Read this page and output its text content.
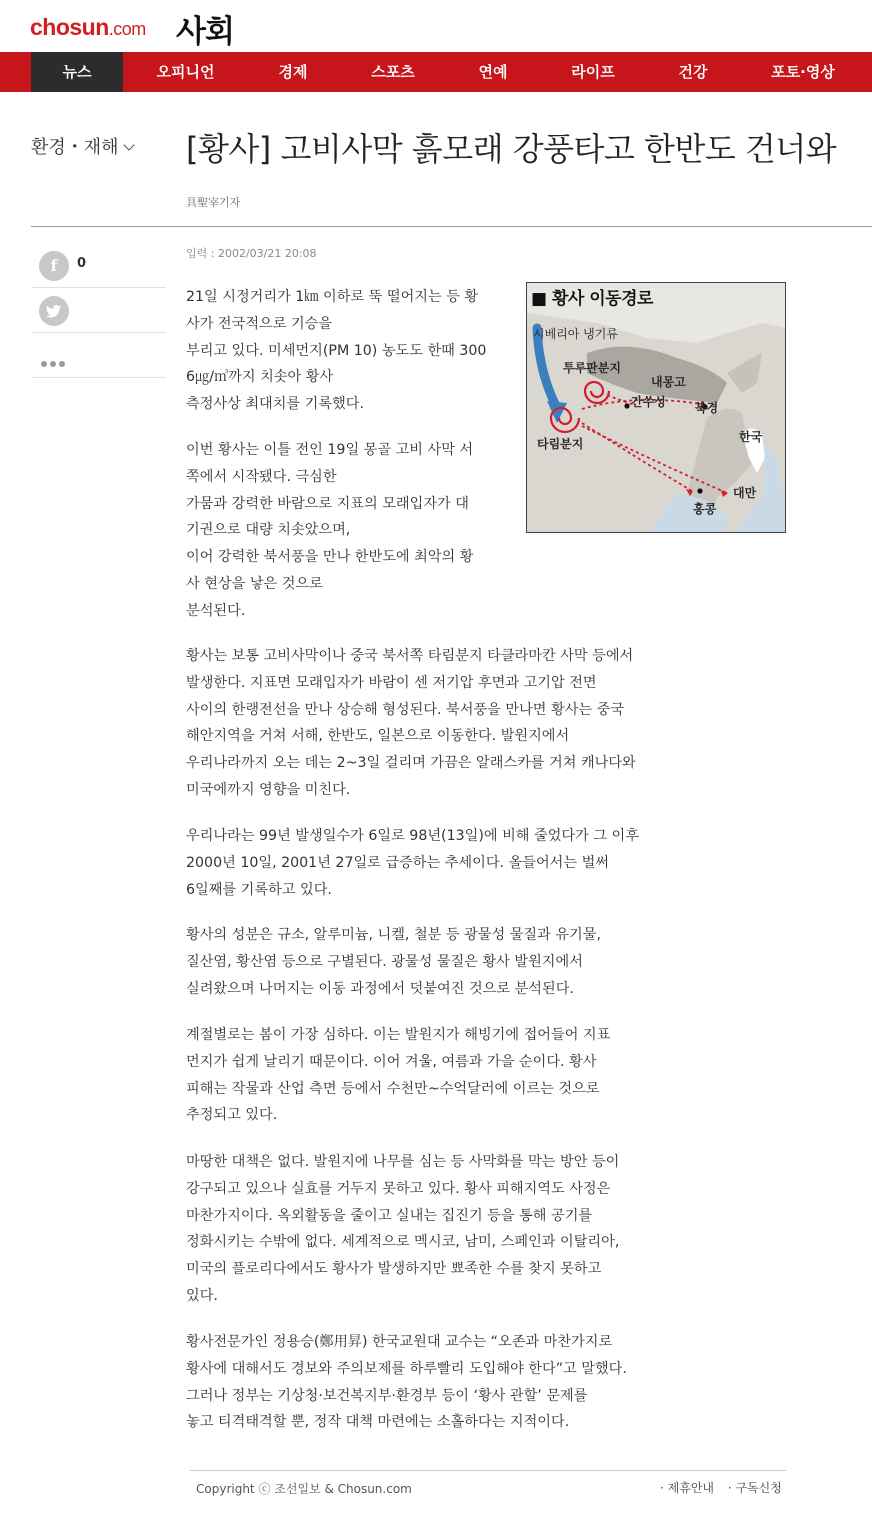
chosun.com 사회
뉴스	오피니언	경제	스포츠	연예	라이프	건강	포토·영상
환경・재해	[황사] 고비사막 흙모래 강풍타고 한반도 건너와
具聖宰기자
입력 : 2002/03/21 20:08
f	0
■ 황사 이동경로
시베리아 냉기류
투루판분지
내몽고
간쑤성 북경
한국
타림분지
대만
홍콩

21일 시정거리가 1㎞ 이하로 뚝 떨어지는 등 황
사가 전국적으로 기승을
부리고 있다. 미세먼지(PM 10) 농도도 한때 300
6㎍/㎥까지 치솟아 황사
측정사상 최대치를 기록했다.

이번 황사는 이틀 전인 19일 몽골 고비 사막 서
쪽에서 시작됐다. 극심한
가뭄과 강력한 바람으로 지표의 모래입자가 대
기권으로 대량 치솟았으며,
이어 강력한 북서풍을 만나 한반도에 최악의 황
사 현상을 낳은 것으로
분석된다.

황사는 보통 고비사막이나 중국 북서쪽 타림분지 타클라마칸 사막 등에서
발생한다. 지표면 모래입자가 바람이 센 저기압 후면과 고기압 전면
사이의 한랭전선을 만나 상승해 형성된다. 북서풍을 만나면 황사는 중국
해안지역을 거쳐 서해, 한반도, 일본으로 이동한다. 발원지에서
우리나라까지 오는 데는 2~3일 걸리며 가끔은 알래스카를 거쳐 캐나다와
미국에까지 영향을 미친다.

우리나라는 99년 발생일수가 6일로 98년(13일)에 비해 줄었다가 그 이후
2000년 10일, 2001년 27일로 급증하는 추세이다. 올들어서는 벌써
6일째를 기록하고 있다.

황사의 성분은 규소, 알루미늄, 니켈, 철분 등 광물성 물질과 유기물,
질산염, 황산염 등으로 구별된다. 광물성 물질은 황사 발원지에서
실려왔으며 나머지는 이동 과정에서 덧붙여진 것으로 분석된다.

계절별로는 봄이 가장 심하다. 이는 발원지가 해빙기에 접어들어 지표
먼지가 쉽게 날리기 때문이다. 이어 겨울, 여름과 가을 순이다. 황사
피해는 작물과 산업 측면 등에서 수천만~수억달러에 이르는 것으로
추정되고 있다.

마땅한 대책은 없다. 발원지에 나무를 심는 등 사막화를 막는 방안 등이
강구되고 있으나 실효를 거두지 못하고 있다. 황사 피해지역도 사정은
마찬가지이다. 옥외활동을 줄이고 실내는 집진기 등을 통해 공기를
정화시키는 수밖에 없다. 세계적으로 멕시코, 남미, 스페인과 이탈리아,
미국의 플로리다에서도 황사가 발생하지만 뾰족한 수를 찾지 못하고
있다.

황사전문가인 정용승(鄭用昇) 한국교원대 교수는 “오존과 마찬가지로
황사에 대해서도 경보와 주의보제를 하루빨리 도입해야 한다”고 말했다.
그러나 정부는 기상청·보건복지부·환경부 등이 ‘황사 관할’ 문제를
놓고 티격태격할 뿐, 정작 대책 마련에는 소홀하다는 지적이다.

Copyright ⓒ 조선일보 & Chosun.com	· 제휴안내 · 구독신청
